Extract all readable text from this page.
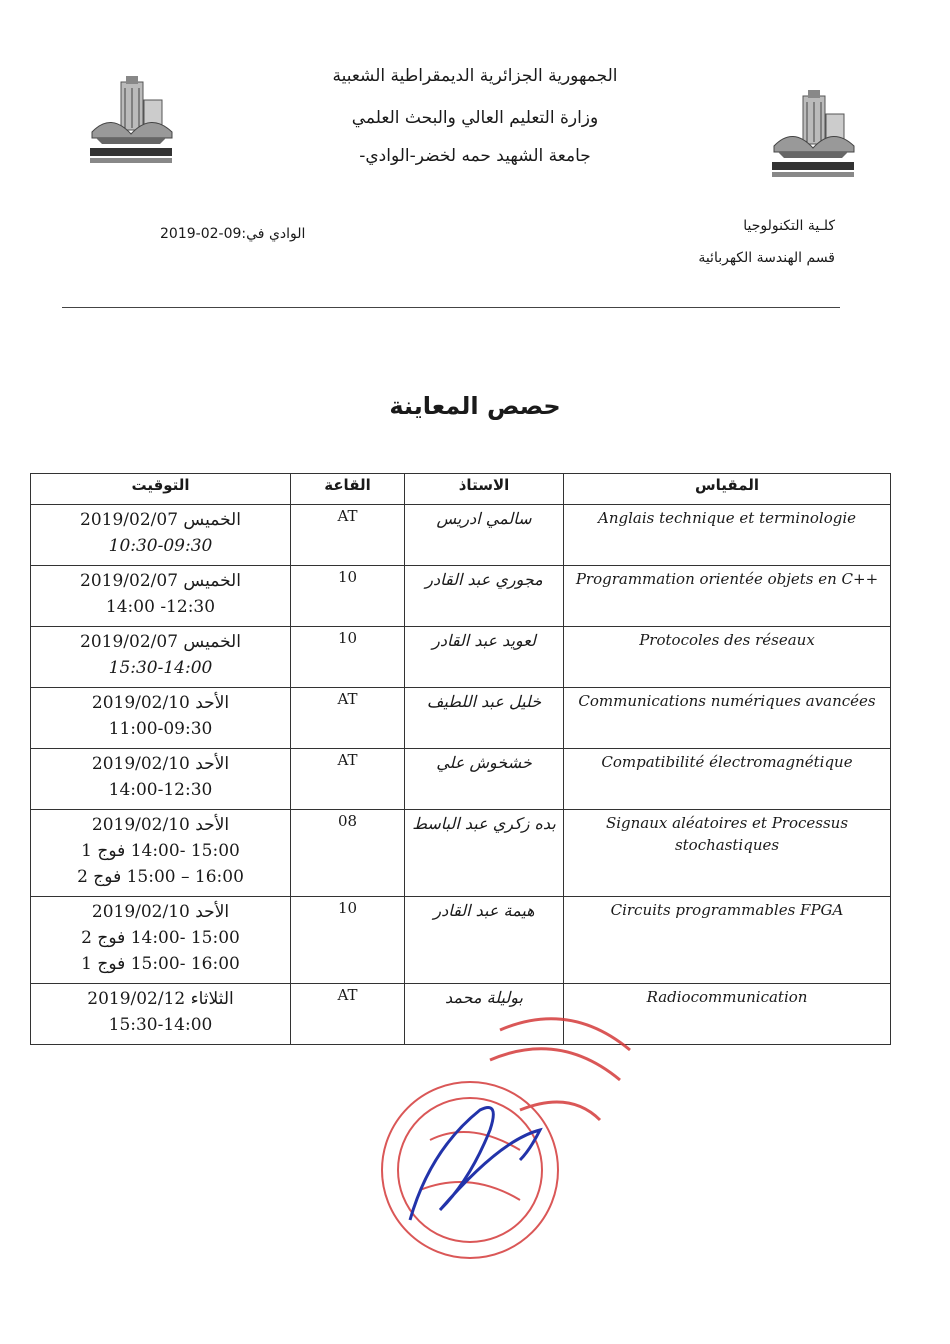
الجمهورية الجزائرية الديمقراطية الشعبية
وزارة التعليم العالي والبحث العلمي
جامعة الشهيد حمه لخضر-الوادي-
كلـية التكنولوجيا
قسم الهندسة الكهربائية
الوادي في:09-02-2019
حصص المعاينة
التوقيت	القاعة	الاستاذ	المقياس

الخميس 2019/02/07
10:30-09:30	AT	سالمي ادريس	Anglais technique et terminologie

الخميس 2019/02/07
14:00 -12:30	10	مجوري عبد القادر	Programmation orientée objets en C++

الخميس 2019/02/07
15:30-14:00	10	لعويد عبد القادر	Protocoles des réseaux

الأحد 2019/02/10
11:00-09:30	AT	خليل عبد اللطيف	Communications numériques avancées

الأحد 2019/02/10
14:00-12:30	AT	خشخوش علي	Compatibilité électromagnétique

الأحد 2019/02/10
15:00 -14:00 فوج 1
16:00 – 15:00 فوج 2	08	بده زكري عبد الباسط	Signaux aléatoires et Processus stochastiques

الأحد 2019/02/10
15:00 -14:00 فوج 2
16:00 -15:00 فوج 1	10	هيمة عبد القادر	Circuits programmables FPGA

الثلاثاء 2019/02/12
15:30-14:00	AT	بوليلة محمد	Radiocommunication
